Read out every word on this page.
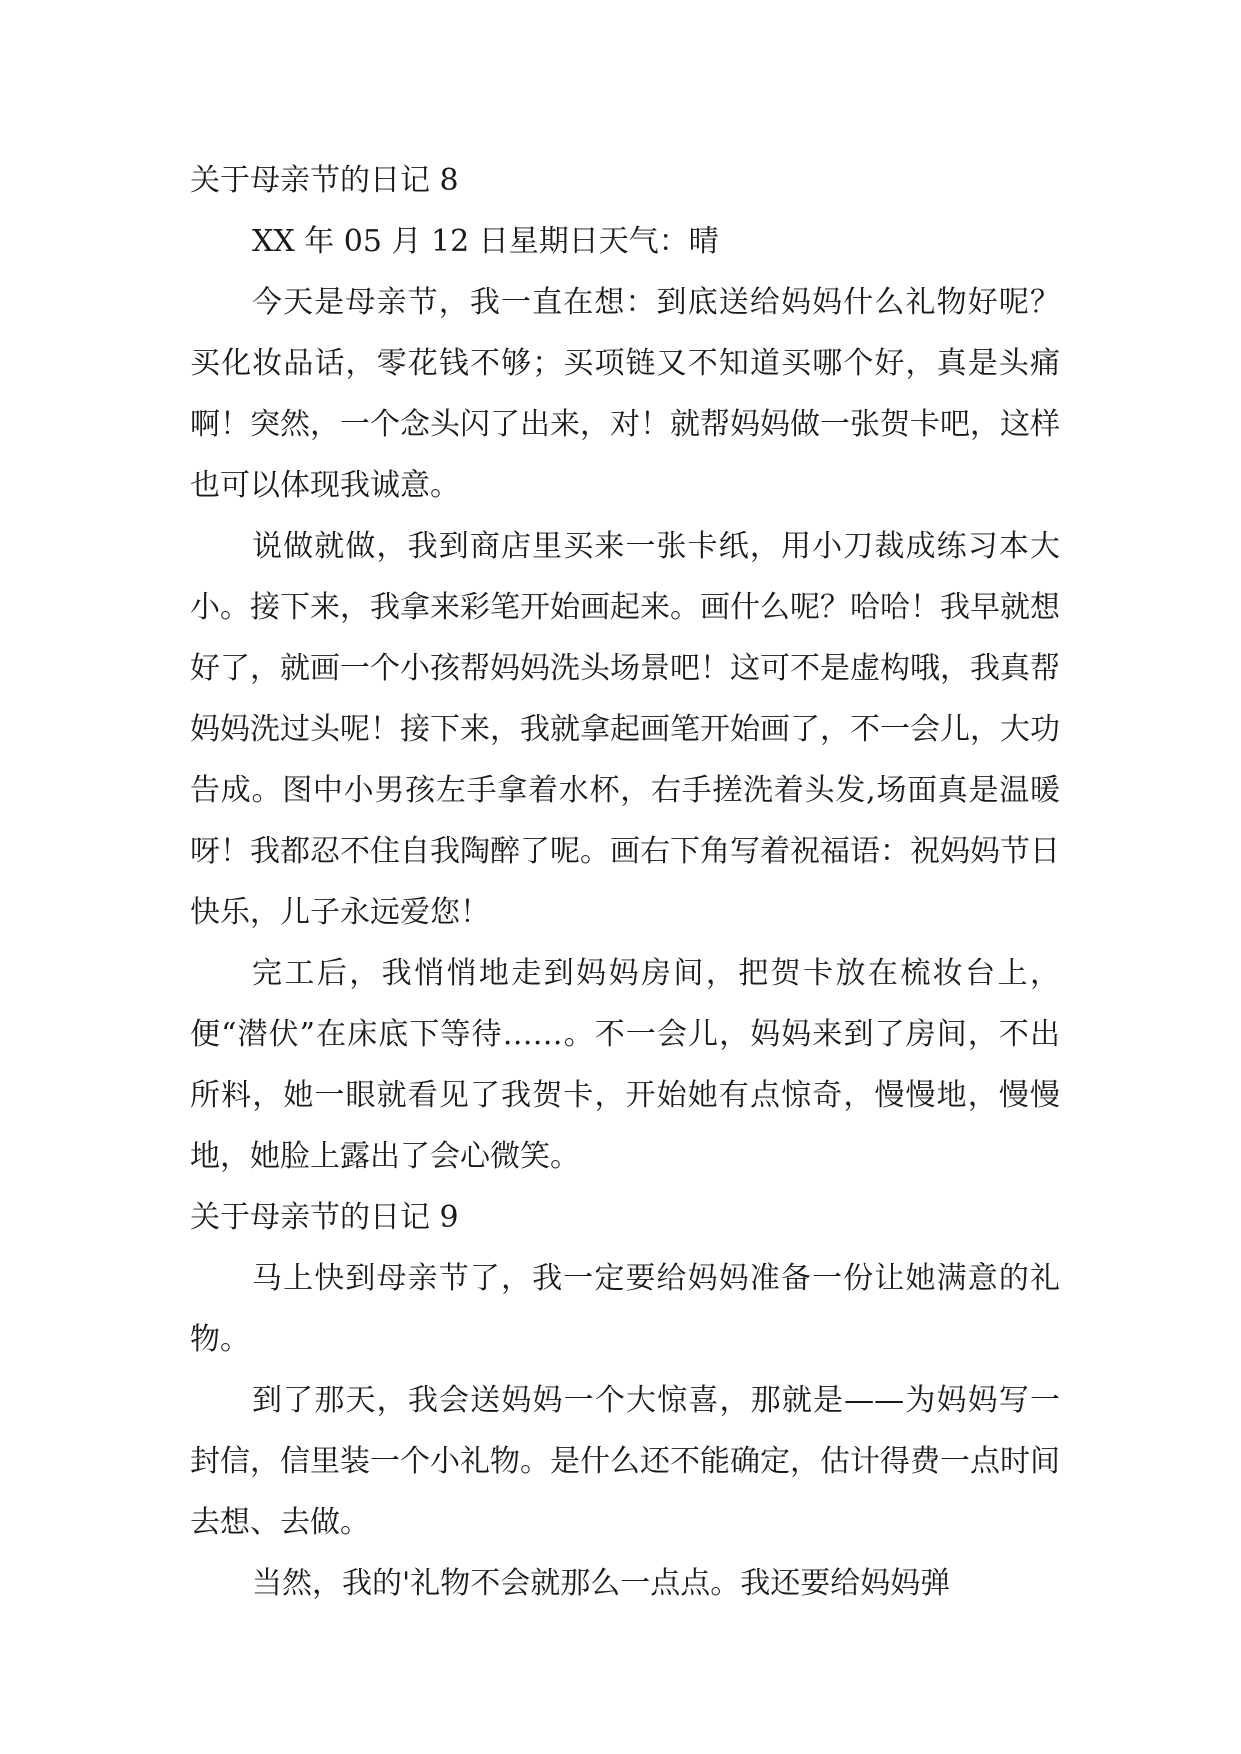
关于母亲节的日记 8

XX 年 05 月 12 日星期日天气：晴

今天是母亲节，我一直在想：到底送给妈妈什么礼物好呢？买化妆品话，零花钱不够；买项链又不知道买哪个好，真是头痛啊！突然，一个念头闪了出来，对！就帮妈妈做一张贺卡吧，这样也可以体现我诚意。

说做就做，我到商店里买来一张卡纸，用小刀裁成练习本大小。接下来，我拿来彩笔开始画起来。画什么呢？哈哈！我早就想好了，就画一个小孩帮妈妈洗头场景吧！这可不是虚构哦，我真帮妈妈洗过头呢！接下来，我就拿起画笔开始画了，不一会儿，大功告成。图中小男孩左手拿着水杯，右手搓洗着头发,场面真是温暖呀！我都忍不住自我陶醉了呢。画右下角写着祝福语：祝妈妈节日快乐，儿子永远爱您！

完工后，我悄悄地走到妈妈房间，把贺卡放在梳妆台上，便“潜伏”在床底下等待……。不一会儿，妈妈来到了房间，不出所料，她一眼就看见了我贺卡，开始她有点惊奇，慢慢地，慢慢地，她脸上露出了会心微笑。

关于母亲节的日记 9

马上快到母亲节了，我一定要给妈妈准备一份让她满意的礼物。

到了那天，我会送妈妈一个大惊喜，那就是——为妈妈写一封信，信里装一个小礼物。是什么还不能确定，估计得费一点时间去想、去做。

当然，我的'礼物不会就那么一点点。我还要给妈妈弹
